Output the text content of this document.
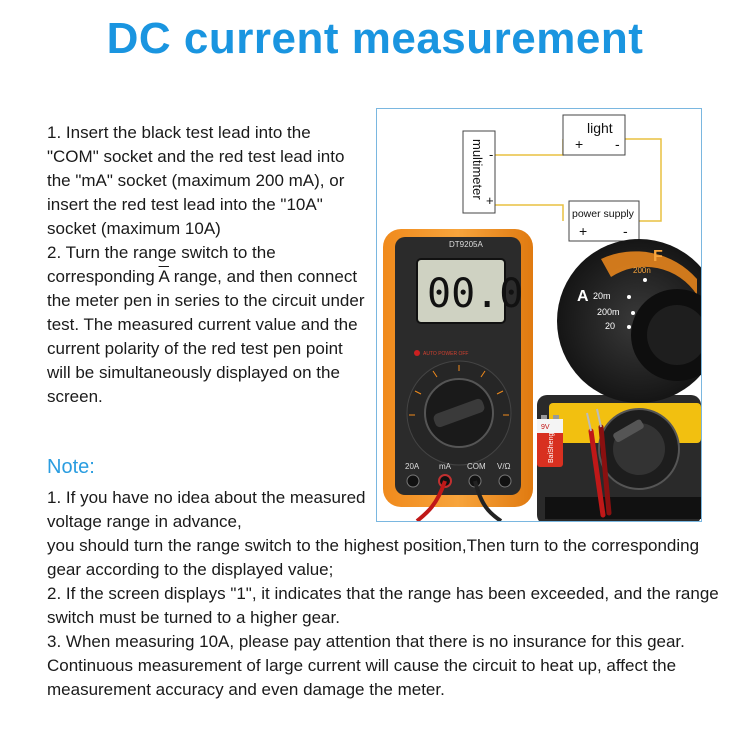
DC current measurement

1. Insert the black test lead into the "COM" socket and the red test lead into the "mA" socket (maximum 200 mA), or insert the red test lead into the "10A" socket (maximum 10A)

2. Turn the range switch to the corresponding $\overline{A}$ range, and then connect the meter pen in series to the circuit under test. The measured current value and the current polarity of the red test pen point will be simultaneously displayed on the screen.

multimeter -
+
light
+ -
power supply
+	-
9V
BaiSheng
DT9205A
00.0
AUTO POWER OFF
20A mA COM V/Ω
A 20m
200m
20
200n
F
Note:

1. If you have no idea about the measured voltage range in advance,
you should turn the range switch to the highest position,Then turn to the corresponding gear according to the displayed value;

2. If the screen displays "1", it indicates that the range has been exceeded, and the range switch must be turned to a higher gear.

3. When measuring 10A, please pay attention that there is no insurance for this gear. Continuous measurement of large current will cause the circuit to heat up, affect the measurement accuracy and even damage the meter.
